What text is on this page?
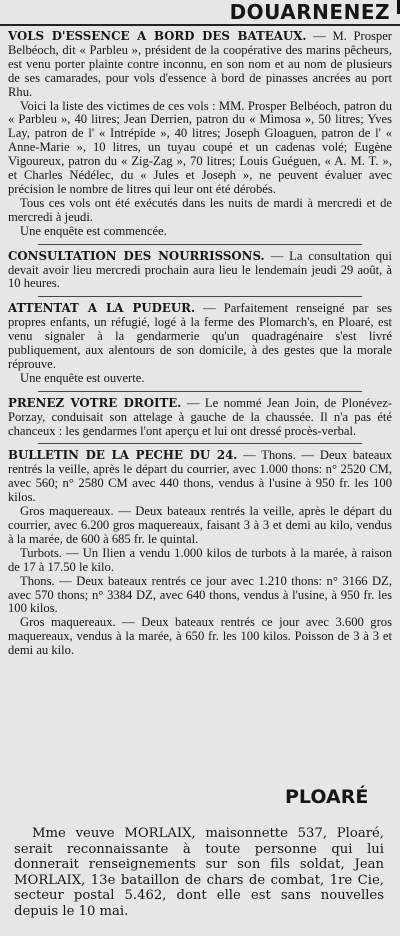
DOUARNENEZ

VOLS D'ESSENCE A BORD DES BATEAUX. — M. Prosper Belbéoch, dit « Parbleu », président de la coopérative des marins pêcheurs, est venu porter plainte contre inconnu, en son nom et au nom de plusieurs de ses camarades, pour vols d'essence à bord de pinasses ancrées au port Rhu.

Voici la liste des victimes de ces vols : MM. Prosper Belbéoch, patron du « Parbleu », 40 litres; Jean Derrien, patron du « Mimosa », 50 litres; Yves Lay, patron de l' « Intrépide », 40 litres; Joseph Gloaguen, patron de l' « Anne-Marie », 10 litres, un tuyau coupé et un cadenas volé; Eugène Vigoureux, patron du « Zig-Zag », 70 litres; Louis Guéguen, « A. M. T. », et Charles Nédélec, du « Jules et Joseph », ne peuvent évaluer avec précision le nombre de litres qui leur ont été dérobés.

Tous ces vols ont été exécutés dans les nuits de mardi à mercredi et de mercredi à jeudi.

Une enquête est commencée.

CONSULTATION DES NOURRISSONS. — La consultation qui devait avoir lieu mercredi prochain aura lieu le lendemain jeudi 29 août, à 10 heures.

ATTENTAT A LA PUDEUR. — Parfaitement renseigné par ses propres enfants, un réfugié, logé à la ferme des Plomarch's, en Ploaré, est venu signaler à la gendarmerie qu'un quadragénaire s'est livré publiquement, aux alentours de son domicile, à des gestes que la morale réprouve.

Une enquête est ouverte.

PRENEZ VOTRE DROITE. — Le nommé Jean Join, de Plonévez-Porzay, conduisait son attelage à gauche de la chaussée. Il n'a pas été chanceux : les gendarmes l'ont aperçu et lui ont dressé procès-verbal.

BULLETIN DE LA PECHE DU 24. — Thons. — Deux bateaux rentrés la veille, après le départ du courrier, avec 1.000 thons: n° 2520 CM, avec 560; n° 2580 CM avec 440 thons, vendus à l'usine à 950 fr. les 100 kilos.

Gros maquereaux. — Deux bateaux rentrés la veille, après le départ du courrier, avec 6.200 gros maquereaux, faisant 3 à 3 et demi au kilo, vendus à la marée, de 600 à 685 fr. le quintal.

Turbots. — Un Ilien a vendu 1.000 kilos de turbots à la marée, à raison de 17 à 17.50 le kilo.

Thons. — Deux bateaux rentrés ce jour avec 1.210 thons: n° 3166 DZ, avec 570 thons; n° 3384 DZ, avec 640 thons, vendus à l'usine, à 950 fr. les 100 kilos.

Gros maquereaux. — Deux bateaux rentrés ce jour avec 3.600 gros maquereaux, vendus à la marée, à 650 fr. les 100 kilos. Poisson de 3 à 3 et demi au kilo.

PLOARÉ

Mme veuve MORLAIX, maisonnette 537, Ploaré, serait reconnaissante à toute personne qui lui donnerait renseignements sur son fils soldat, Jean MORLAIX, 13e bataillon de chars de combat, 1re Cie, secteur postal 5.462, dont elle est sans nouvelles depuis le 10 mai.
